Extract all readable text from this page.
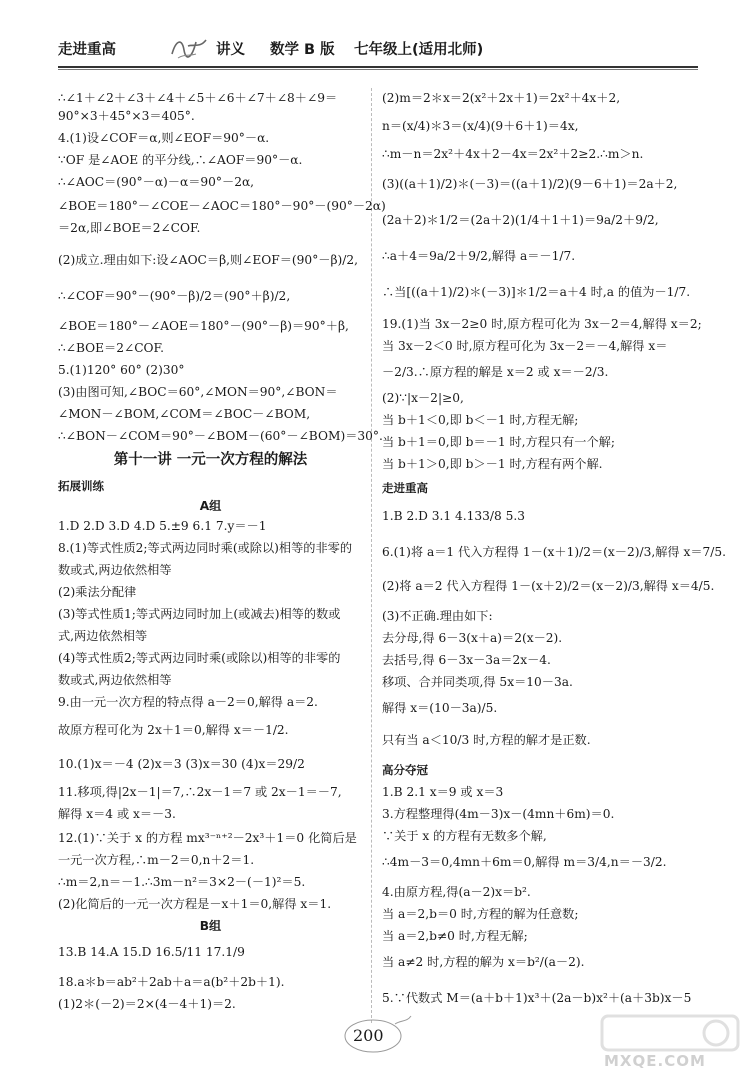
走进重高	讲义 数学 B 版 七年级上(适用北师)
∴∠1＋∠2＋∠3＋∠4＋∠5＋∠6＋∠7＋∠8＋∠9＝
90°×3＋45°×3＝405°.
4.(1)设∠COF＝α,则∠EOF＝90°－α.
∵OF 是∠AOE 的平分线,∴∠AOF＝90°－α.
∴∠AOC＝(90°－α)－α＝90°－2α,
∠BOE＝180°－∠COE－∠AOC＝180°－90°－(90°－2α)
＝2α,即∠BOE＝2∠COF.
(2)成立.理由如下:设∠AOC＝β,则∠EOF＝(90°－β)/2,
∴∠COF＝90°－(90°－β)/2＝(90°＋β)/2,
∠BOE＝180°－∠AOE＝180°－(90°－β)＝90°＋β,
∴∠BOE＝2∠COF.
5.(1)120° 60° (2)30°
(3)由图可知,∠BOC＝60°,∠MON＝90°,∠BON＝
∠MON－∠BOM,∠COM＝∠BOC－∠BOM,
∴∠BON－∠COM＝90°－∠BOM－(60°－∠BOM)＝30°.
第十一讲 一元一次方程的解法
拓展训练
A组
1.D 2.D 3.D 4.D 5.±9 6.1 7.y＝－1
8.(1)等式性质2;等式两边同时乘(或除以)相等的非零的
数或式,两边依然相等
(2)乘法分配律
(3)等式性质1;等式两边同时加上(或减去)相等的数或
式,两边依然相等
(4)等式性质2;等式两边同时乘(或除以)相等的非零的
数或式,两边依然相等
9.由一元一次方程的特点得 a－2＝0,解得 a＝2.
故原方程可化为 2x＋1＝0,解得 x＝－1/2.
10.(1)x＝－4 (2)x＝3 (3)x＝30 (4)x＝29/2
11.移项,得|2x－1|＝7,∴2x－1＝7 或 2x－1＝－7,
解得 x＝4 或 x＝－3.
12.(1)∵关于 x 的方程 mx³⁻ⁿ⁺²－2x³＋1＝0 化简后是
一元一次方程,∴m－2＝0,n＋2＝1.
∴m＝2,n＝－1.∴3m－n²＝3×2－(－1)²＝5.
(2)化简后的一元一次方程是－x＋1＝0,解得 x＝1.
B组
13.B 14.A 15.D 16.5/11 17.1/9
18.a＊b＝ab²＋2ab＋a＝a(b²＋2b＋1).
(1)2＊(－2)＝2×(4－4＋1)＝2.
(2)m＝2＊x＝2(x²＋2x＋1)＝2x²＋4x＋2,
n＝(x/4)＊3＝(x/4)(9＋6＋1)＝4x,
∴m－n＝2x²＋4x＋2－4x＝2x²＋2≥2.∴m＞n.
(3)((a＋1)/2)＊(－3)＝((a＋1)/2)(9－6＋1)＝2a＋2,
(2a＋2)＊1/2＝(2a＋2)(1/4＋1＋1)＝9a/2＋9/2,
∴a＋4＝9a/2＋9/2,解得 a＝－1/7.
∴当[((a＋1)/2)＊(－3)]＊1/2＝a＋4 时,a 的值为－1/7.
19.(1)当 3x－2≥0 时,原方程可化为 3x－2＝4,解得 x＝2;
当 3x－2＜0 时,原方程可化为 3x－2＝－4,解得 x＝
－2/3.∴原方程的解是 x＝2 或 x＝－2/3.
(2)∵|x－2|≥0,
当 b＋1＜0,即 b＜－1 时,方程无解;
当 b＋1＝0,即 b＝－1 时,方程只有一个解;
当 b＋1＞0,即 b＞－1 时,方程有两个解.
走进重高
1.B 2.D 3.1 4.133/8 5.3
6.(1)将 a＝1 代入方程得 1－(x＋1)/2＝(x－2)/3,解得 x＝7/5.
(2)将 a＝2 代入方程得 1－(x＋2)/2＝(x－2)/3,解得 x＝4/5.
(3)不正确.理由如下:
去分母,得 6－3(x＋a)＝2(x－2).
去括号,得 6－3x－3a＝2x－4.
移项、合并同类项,得 5x＝10－3a.
解得 x＝(10－3a)/5.
只有当 a＜10/3 时,方程的解才是正数.
高分夺冠
1.B 2.1 x＝9 或 x＝3
3.方程整理得(4m－3)x－(4mn＋6m)＝0.
∵关于 x 的方程有无数多个解,
∴4m－3＝0,4mn＋6m＝0,解得 m＝3/4,n＝－3/2.
4.由原方程,得(a－2)x＝b².
当 a＝2,b＝0 时,方程的解为任意数;
当 a＝2,b≠0 时,方程无解;
当 a≠2 时,方程的解为 x＝b²/(a－2).
5.∵代数式 M＝(a＋b＋1)x³＋(2a－b)x²＋(a＋3b)x－5
200
MXQE.COM
